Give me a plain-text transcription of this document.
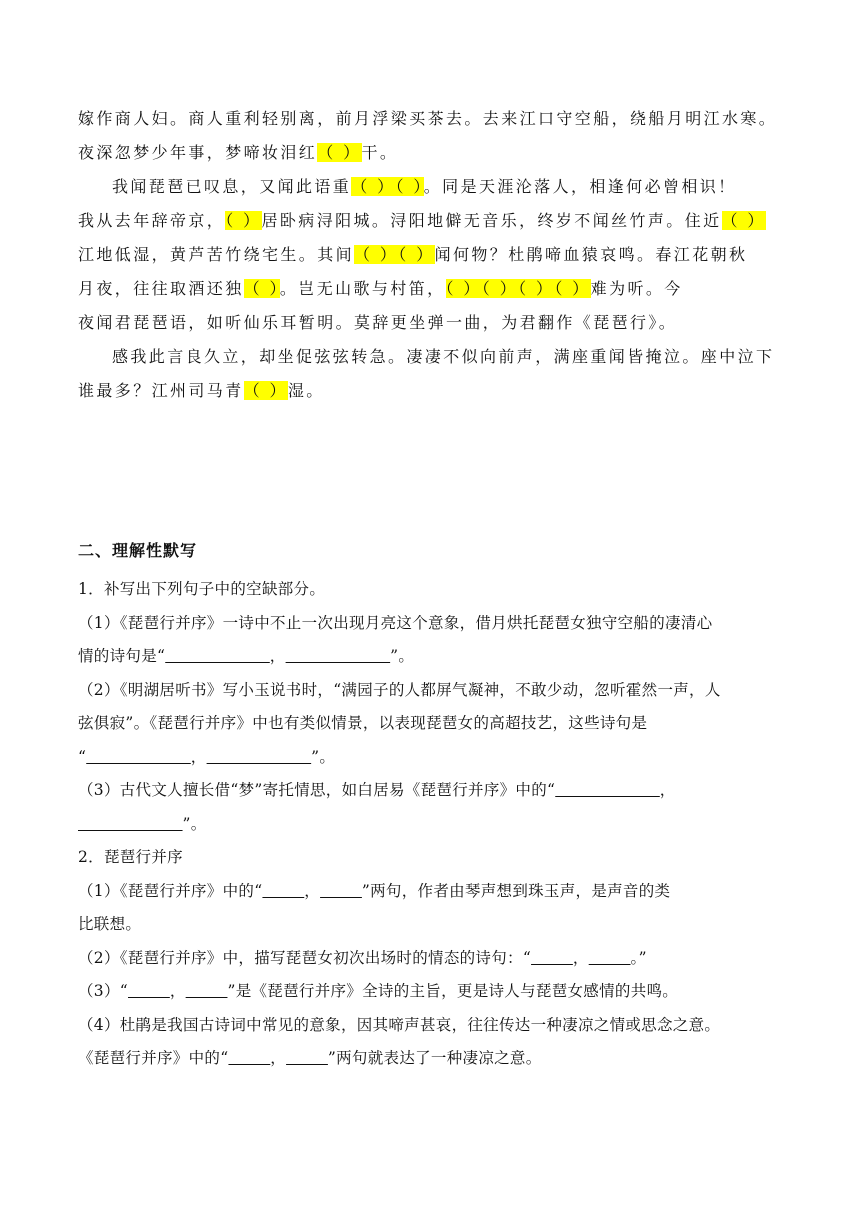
嫁作商人妇。商人重利轻别离，前月浮梁买茶去。去来江口守空船，绕船月明江水寒。
夜深忽梦少年事，梦啼妆泪红（ ）干。
我闻琵琶已叹息，又闻此语重（ ）（ ）。同是天涯沦落人，相逢何必曾相识！
我从去年辞帝京，（ ）居卧病浔阳城。浔阳地僻无音乐，终岁不闻丝竹声。住近（ ）
江地低湿，黄芦苦竹绕宅生。其间（ ）（ ）闻何物？杜鹃啼血猿哀鸣。春江花朝秋
月夜，往往取酒还独（ ）。岂无山歌与村笛，（ ）（ ）（ ）（ ）难为听。今
夜闻君琵琶语，如听仙乐耳暂明。莫辞更坐弹一曲，为君翻作《琵琶行》。
感我此言良久立，却坐促弦弦转急。凄凄不似向前声，满座重闻皆掩泣。座中泣下
谁最多？江州司马青（ ）湿。
二、理解性默写
1．补写出下列句子中的空缺部分。
（1）《琵琶行并序》一诗中不止一次出现月亮这个意象，借月烘托琵琶女独守空船的凄清心
情的诗句是“	，	”。
（2）《明湖居听书》写小玉说书时，“满园子的人都屏气凝神，不敢少动，忽听霍然一声，人
弦俱寂”。《琵琶行并序》中也有类似情景，以表现琵琶女的高超技艺，这些诗句是
“	，	”。
（3）古代文人擅长借“梦”寄托情思，如白居易《琵琶行并序》中的“	，
”。
2．琵琶行并序
（1）《琵琶行并序》中的“	，	”两句，作者由琴声想到珠玉声，是声音的类
比联想。
（2）《琵琶行并序》中，描写琵琶女初次出场时的情态的诗句：“	，	。”
（3）“	，	”是《琵琶行并序》全诗的主旨，更是诗人与琵琶女感情的共鸣。
（4）杜鹃是我国古诗词中常见的意象，因其啼声甚哀，往往传达一种凄凉之情或思念之意。
《琵琶行并序》中的“	，	”两句就表达了一种凄凉之意。
